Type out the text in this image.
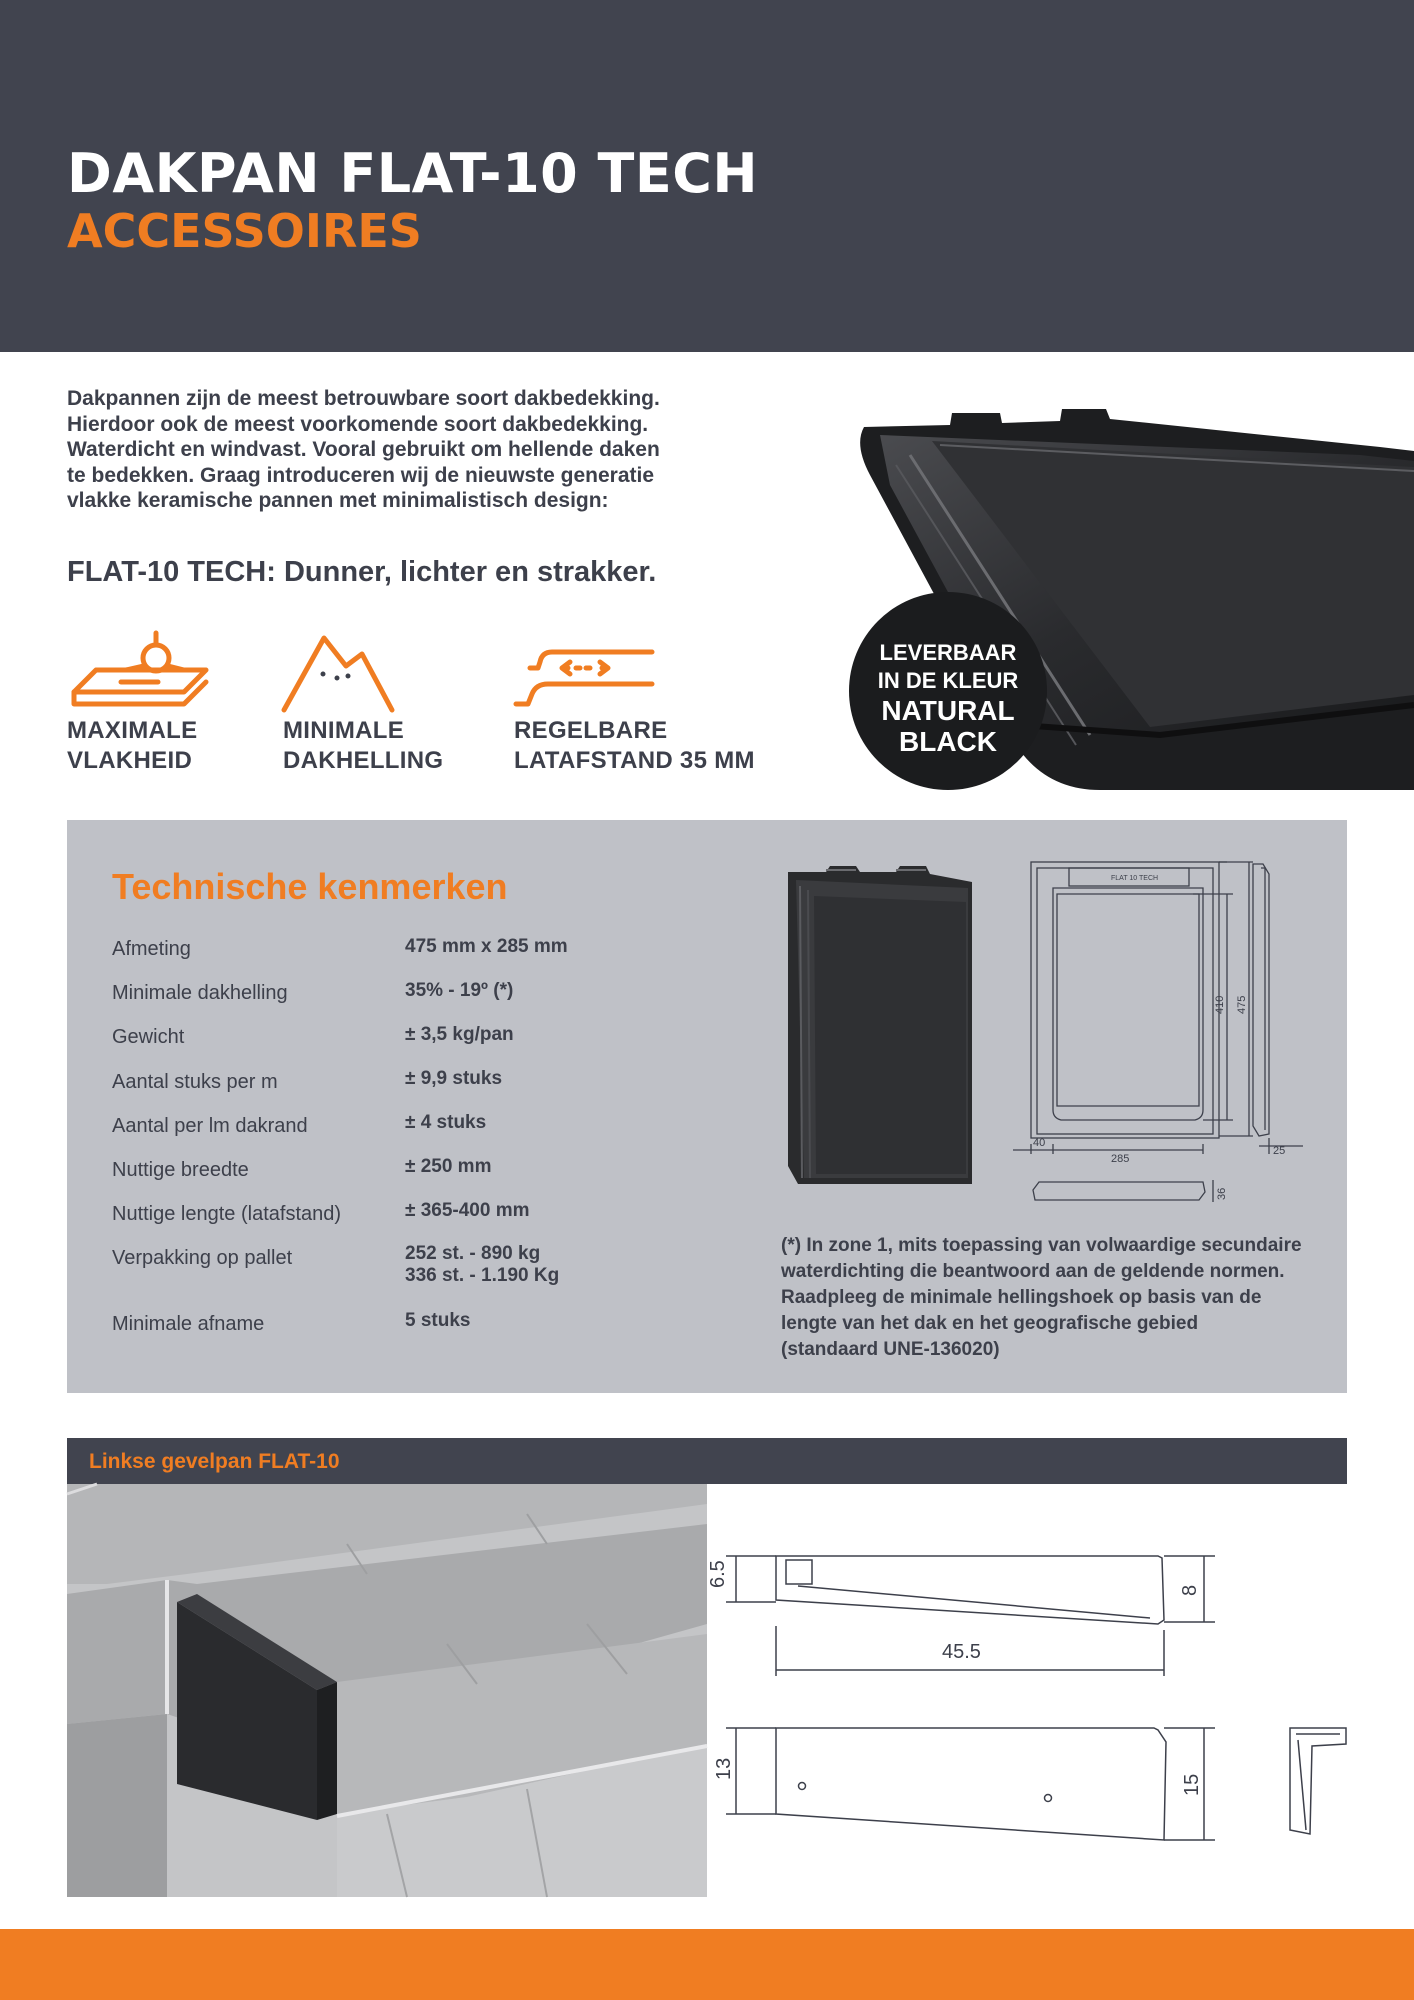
DAKPAN FLAT-10 TECH
ACCESSOIRES
Dakpannen zijn de meest betrouwbare soort dakbedekking.
Hierdoor ook de meest voorkomende soort dakbedekking.
Waterdicht en windvast. Vooral gebruikt om hellende daken
te bedekken. Graag introduceren wij de nieuwste generatie
vlakke keramische pannen met minimalistisch design:
FLAT-10 TECH: Dunner, lichter en strakker.
MAXIMALE
VLAKHEID
MINIMALE
DAKHELLING
REGELBARE
LATAFSTAND 35 MM
LEVERBAAR
IN DE KLEUR
NATURAL
BLACK
Technische kenmerken
Afmeting	475 mm x 285 mm
Minimale dakhelling	35% - 19º (*)
Gewicht	± 3,5 kg/pan
Aantal stuks per m	± 9,9 stuks
Aantal per lm dakrand	± 4 stuks
Nuttige breedte	± 250 mm
Nuttige lengte (latafstand)	± 365-400 mm
Verpakking op pallet	252 st. - 890 kg
336 st. - 1.190 Kg
Minimale afname	5 stuks
FLAT 10 TECH
410 475
40
285
25
36
(*) In zone 1, mits toepassing van volwaardige secundaire
waterdichting die beantwoord aan de geldende normen.
Raadpleeg de minimale hellingshoek op basis van de
lengte van het dak en het geografische gebied
(standaard UNE-136020)
Linkse gevelpan FLAT-10
6.5
8
45.5
13
15
